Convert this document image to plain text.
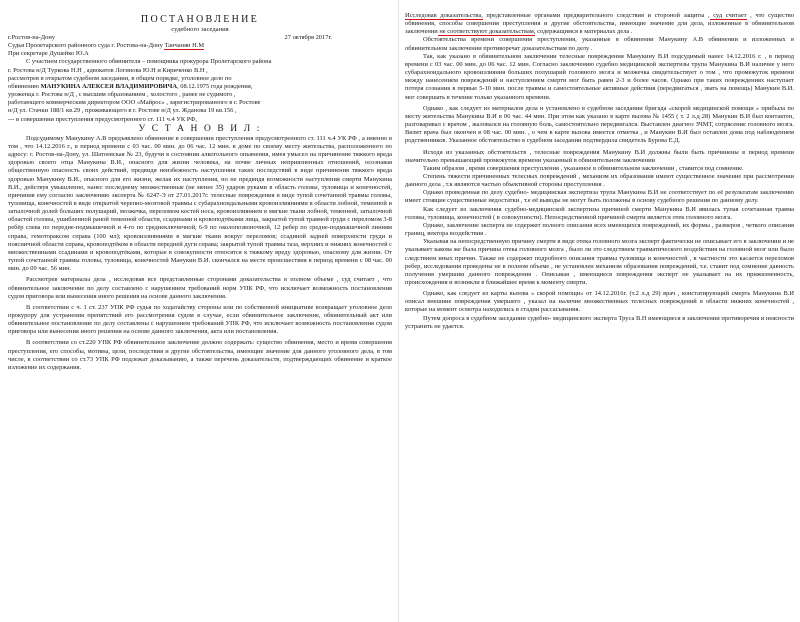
ПОСТАНОВЛЕНИЕ

судебного заседания

г.Ростов-на-Дону	27 октября 2017г.

Судья Пролетарского районного суда г. Ростова-на-Дону Танчанян Н.М

При секретаре Душейко Ю.А

С участием государственного обвинителя – помощника прокурора Пролетарского района

г. Ростова н/Д Туркова Н.Н , адвокатов Логинова Ю.Н и Кириченко В.Н ,

рассмотрев в открытом судебном заседании, в общем порядке, уголовное дело по

обвинению МАНУКИНА АЛЕКСЕЯ ВЛАДИМИРОВИЧА, 08.12.1975 года рождения,

уроженца г. Ростова н/Д , с высшим образованием , холостого , ранее не судимого ,

работающего коммерческим директором ООО «Майрос» , зарегистрированного в г. Ростове

н/Д ул. Стачки 188/1 кв.29 , проживающего в г. Ростове н/Д ул. Жданова 19 кв.156 ,

--- в совершении преступления предусмотренного ст. 111 ч.4 УК РФ,

У С Т А Н О В И Л :

Подсудимому Манукину А.В предъявлено обвинение в совершении преступления предусмотренного ст. 111 ч.4 УК РФ , а именно в том , что 14.12.2016 г., в период времени с 03 час. 00 мин. до 06 час. 12 мин. в доме по своему месту жительства, расположенного по адресу: г. Ростов-на-Дону, ул. Шатоевская № 23, будучи в состоянии алкогольного опьянения, имея умысел на причинение тяжкого вреда здоровью своего отца Манукина В.И., опасного для жизни человека, на почве личных неприязненных отношений, осознавая общественную опасность своих действий, предвидя неизбежность наступления таких последствий в виде причинения тяжкого вреда здоровью Манукину В.И., опасного для его жизни, желая их наступления, но не предвидя возможности наступления смерти Манукина В.И., действуя умышленно, нанес последнему множественные (не менее 35) ударов руками в область головы, туловища и конечностей, причинив ему согласно заключению эксперта № 6247-Э от 27.01.2017г. телесные повреждения в виде тупой сочетанной травмы головы, туловища, конечностей в виде открытой черепно-мозговой травмы с субарахноидальными кровоизлияниями в области лобной, теменной и затылочной долей больших полушарий, мозжечка, переломом костей носа, кровоизлиянием в мягкие ткани лобной, теменной, затылочной областей головы, ушибленной раной теменной области, ссадинами и кровоподтёками лица, закрытой тупой травмой груди с переломом 3-8 ребёр слева по передне-подмышечной и 4-го по среднеключичной, 6-9 по околопозвоночной, 12 ребер по средне-подмышечной линиям справа, гемотораксом справа (100 мл); кровоизлияниями в мягкие ткани вокруг переломов; ссадиной задней поверхности груди и поясничной области справа, кровоподтёком в области передней дуги справа; закрытой тупой травмы таза, верхних и нижних конечностей с множественными ссадинами и кровоподтёками, которые в совокупности относятся к тяжкому вреду здоровью, опасному для жизни. От тупой сочетанной травмы головы, туловища, конечностей Манукин В.И. скончался на месте происшествия в период времени с 08 час. 00 мин. до 09 час. 56 мин.

Рассмотрев материалы дела , исследовав все представленные сторонами доказательства в полном объеме , суд считает , что обвинительное заключение по делу составлено с нарушением требований норм УПК РФ, что исключает возможность постановления судом приговора или вынесения иного решения на основе данного заключения.

В соответствии с ч. 1 ст. 237 УПК РФ судья по ходатайству стороны или по собственной инициативе возвращает уголовное дело прокурору для устранения препятствий его рассмотрения судом в случае, если обвинительное заключение, обвинительный акт или обвинительное постановление по делу составлены с нарушением требований УПК РФ, что исключает возможность постановления судом приговора или вынесения иного решения на основе данного заключения, акта или постановления.

В соответствии со ст.220 УПК РФ обвинительное заключение должно содержать: существо обвинения, место и время совершения преступления, его способы, мотивы, цели, последствия и другие обстоятельства, имеющие значение для данного уголовного дела, в том числе, в соответствии со ст.73 УПК РФ подлежат доказыванию, а также перечень доказательств, подтверждающих обвинение и краткое изложение их содержания.

Исследовав доказательства, представленные органами предварительного следствия и стороной защиты , суд считает , что существо обвинения, способы совершения преступления и другие обстоятельства, имеющие значение для дела, изложенные в обвинительном заключении не соответствуют доказательствам, содержащимся в материалах дела .

Обстоятельства времени совершения преступления, указанные в обвинении Манукину А.В обвинении и изложенных в обвинительном заключении противоречат доказательствам по делу .

Так, как указано в обвинительном заключении телесные повреждения Манукину В.И подсудимый нанес 14.12.2016 г. , в период времени с 03 час. 00 мин. до 06 час. 12 мин. Согласно заключению судебно медицинской экспертизы трупа Манукина В.И наличие у него субарахноидального кровоизлияния больших полушарий головного мозга и мозжечка свидетельствует о том , что промежуток времени между нанесением повреждений и наступлением смерти мог быть равен 2-3 и более часов. Однако при таких повреждениях наступает потеря сознания в первые 5-10 мин. после травмы и самостоятельные активные действия (передвигаться , звать на помощь) Манукин В.И. мог совершать в течение только указанного времени.

Однако , как следует из материалов дела и установлено в судебном заседании бригада «скорой медицинской помощи » прибыла по месту жительства Манукина В.И в 06 час. 44 мин. При этом как указано в карте вызова № 1455 ( т. 2 л.д 28) Манукин В.И был контактен, разговаривал с врачом , жаловался на головную боль, самостоятельно передвигался. Выставлен диагноз ЗЧМТ, сотрясение головного мозга. Визит врача был окончен в 08 час. 00 мин. , о чем в карте вызова имеется отметка , и Манукин В.И был оставлен дома под наблюдением родственников. Указанное обстоятельство в судебном заседании подтвердила свидетель Бурова Е.Д.

Исходя из указанных обстоятельств , телесные повреждения Манукину В.И должны были быть причинены в период времени значительно превышающий промежуток времени указанный в обвинительном заключении

Таким образом , время совершения преступления , указанное в обвинительном заключении , ставится под сомнение.

Степень тяжести причиненных телесных повреждений , механизм их образования имеют существенное значение при рассмотрении данного дела , т.к являются частью объективной стороны преступления .

Однако проведенная по делу судебно- медицинская экспертиза трупа Манукина В.И не соответствует по её результатам заключению имеет стоящие существенные недостатки , т.е её выводы не могут быть положены в основу судебного решения по данному делу.

Как следует из заключения судебно-медицинской экспертизы причиной смерти Манукина В.И явилась тупая сочетанная травма головы, туловища, конечностей ( в совокупности). Непосредственной причиной смерти является отек головного мозга.

Однако, заключение эксперта не содержит полного описания всех имеющихся повреждений, их формы , размеров , четкого описания границ, вектора воздействия .

Указывая на непосредственную причину смерти в виде отека головного мозга эксперт фактически не описывает его в заключении и не указывает какова же была причина отека головного мозга , было ли это следствием травматического воздействия на головной мозг или было следствием иных причин. Также не содержит подробного описания травмы туловища и конечностей , в частности это касается переломов ребер, исследования проведены не в полном объеме , не установлен механизм образования повреждений, т.е. ставит под сомнение давность получения умершим данного повреждения . Описывая , имеющиеся повреждения эксперт не указывает на их прижизненность, происхождения и возникли в ближайшее время к моменту смерти.

Однако, как следует из карты вызова « скорой помощи» от 14.12.2016г. (т.2 л.д 29) врач , констатирующий смерть Манукина В.И описал внешние повреждения умершего , указал на наличие множественных телесных повреждений в области нижних конечностей , которые на момент осмотра находились в стадии рассасывания.

Путем допроса в судебном заседании судебно- медицинского эксперта Труса В.Н имеющиеся в заключении противоречия и неясности устранить не удается.
